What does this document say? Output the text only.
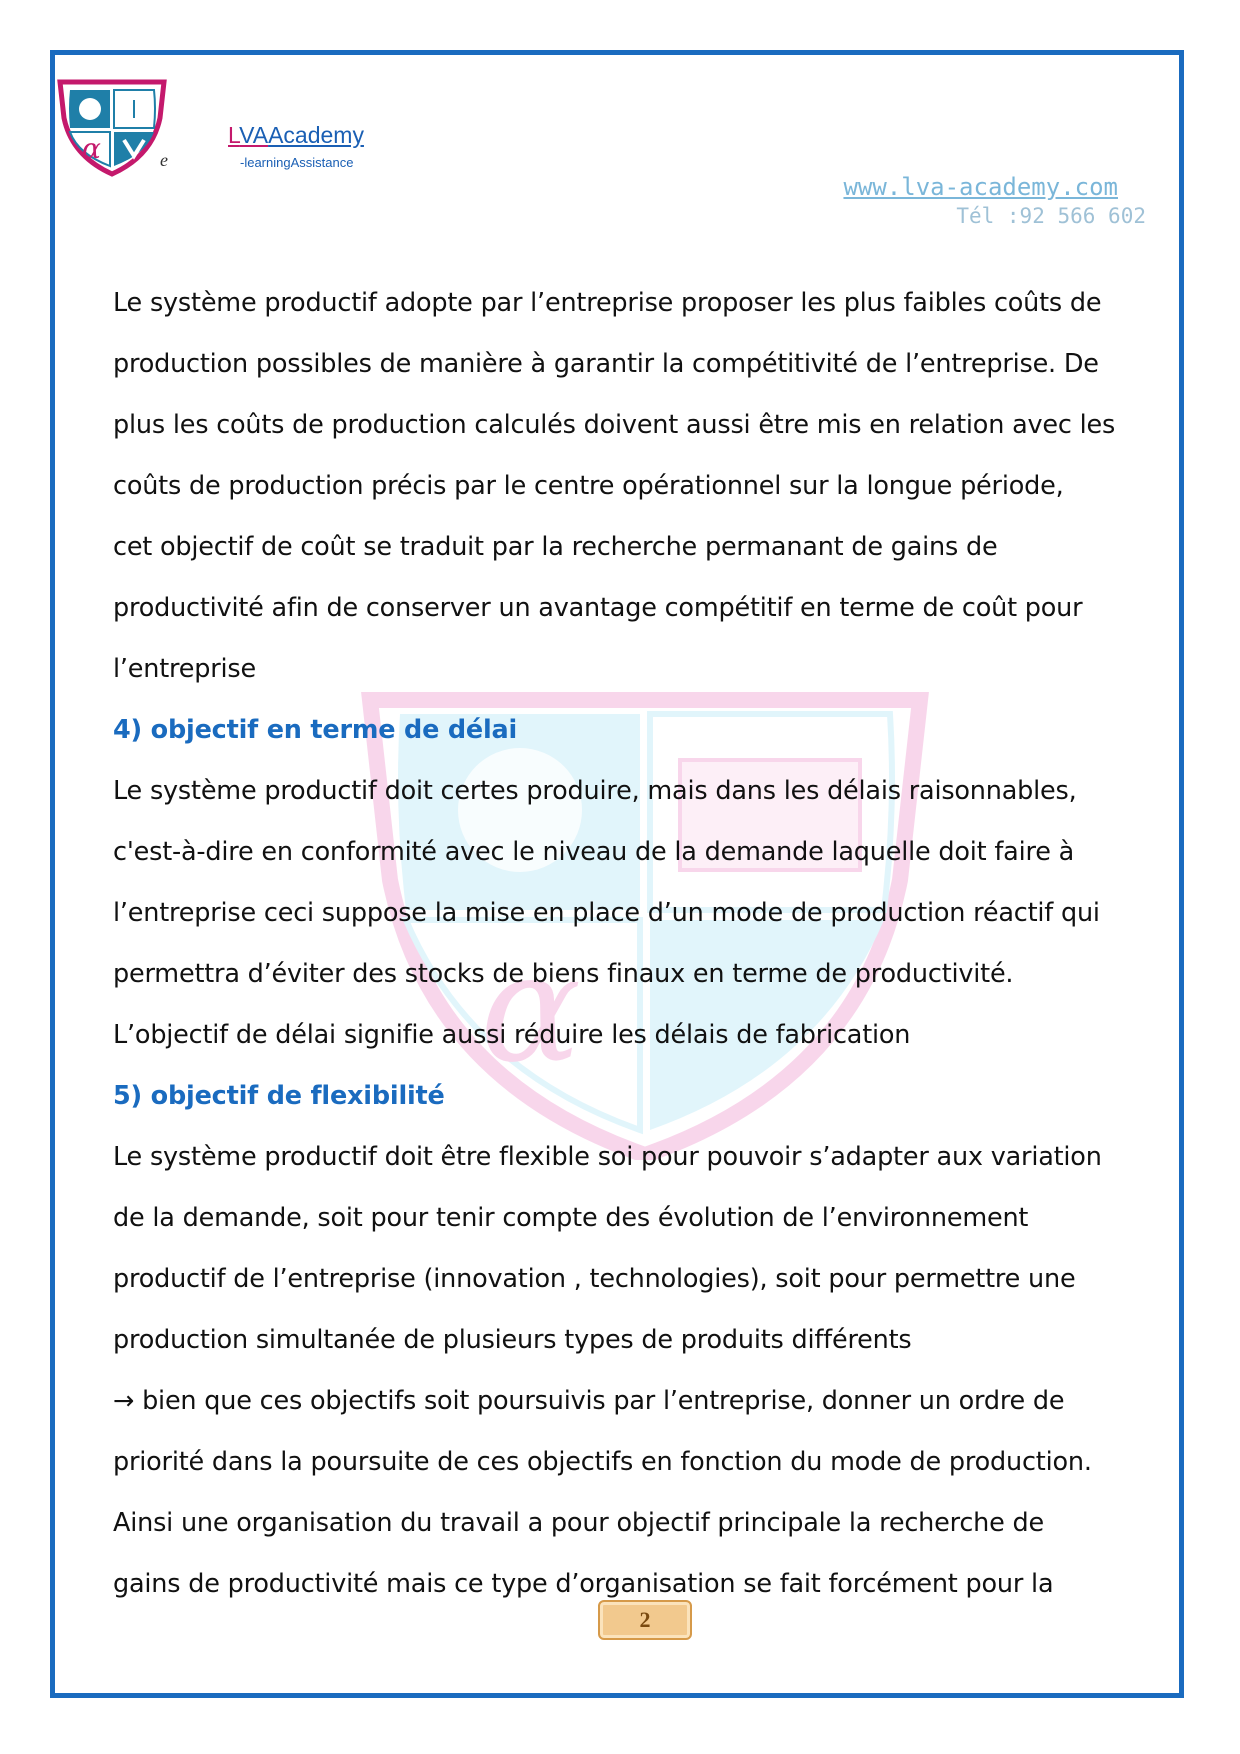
α	e
LVAAcademy
-learningAssistance
www.lva-academy.com
Tél :92 566 602
α

Le système productif adopte par l’entreprise proposer les plus faibles coûts de

production possibles de manière à garantir la compétitivité de l’entreprise. De

plus les coûts de production calculés doivent aussi être mis en relation avec les

coûts de production précis par le centre opérationnel sur la longue période,

cet objectif de coût se traduit par la recherche permanant de gains de

productivité afin de conserver un avantage compétitif en terme de coût pour

l’entreprise

4) objectif en terme de délai

Le système productif doit certes produire, mais dans les délais raisonnables,

c'est-à-dire en conformité avec le niveau de la demande laquelle doit faire à

l’entreprise ceci suppose la mise en place d’un mode de production réactif qui

permettra d’éviter des stocks de biens finaux en terme de productivité.

L’objectif de délai signifie aussi réduire les délais de fabrication

5) objectif de flexibilité

Le système productif doit être flexible soi pour pouvoir s’adapter aux variation

de la demande, soit pour tenir compte des évolution de l’environnement

productif de l’entreprise (innovation , technologies), soit pour permettre une

production simultanée de plusieurs types de produits différents

→ bien que ces objectifs soit poursuivis par l’entreprise, donner un ordre de

priorité dans la poursuite de ces objectifs en fonction du mode de production.

Ainsi une organisation du travail a pour objectif principale la recherche de

gains de productivité mais ce type d’organisation se fait forcément pour la

2
